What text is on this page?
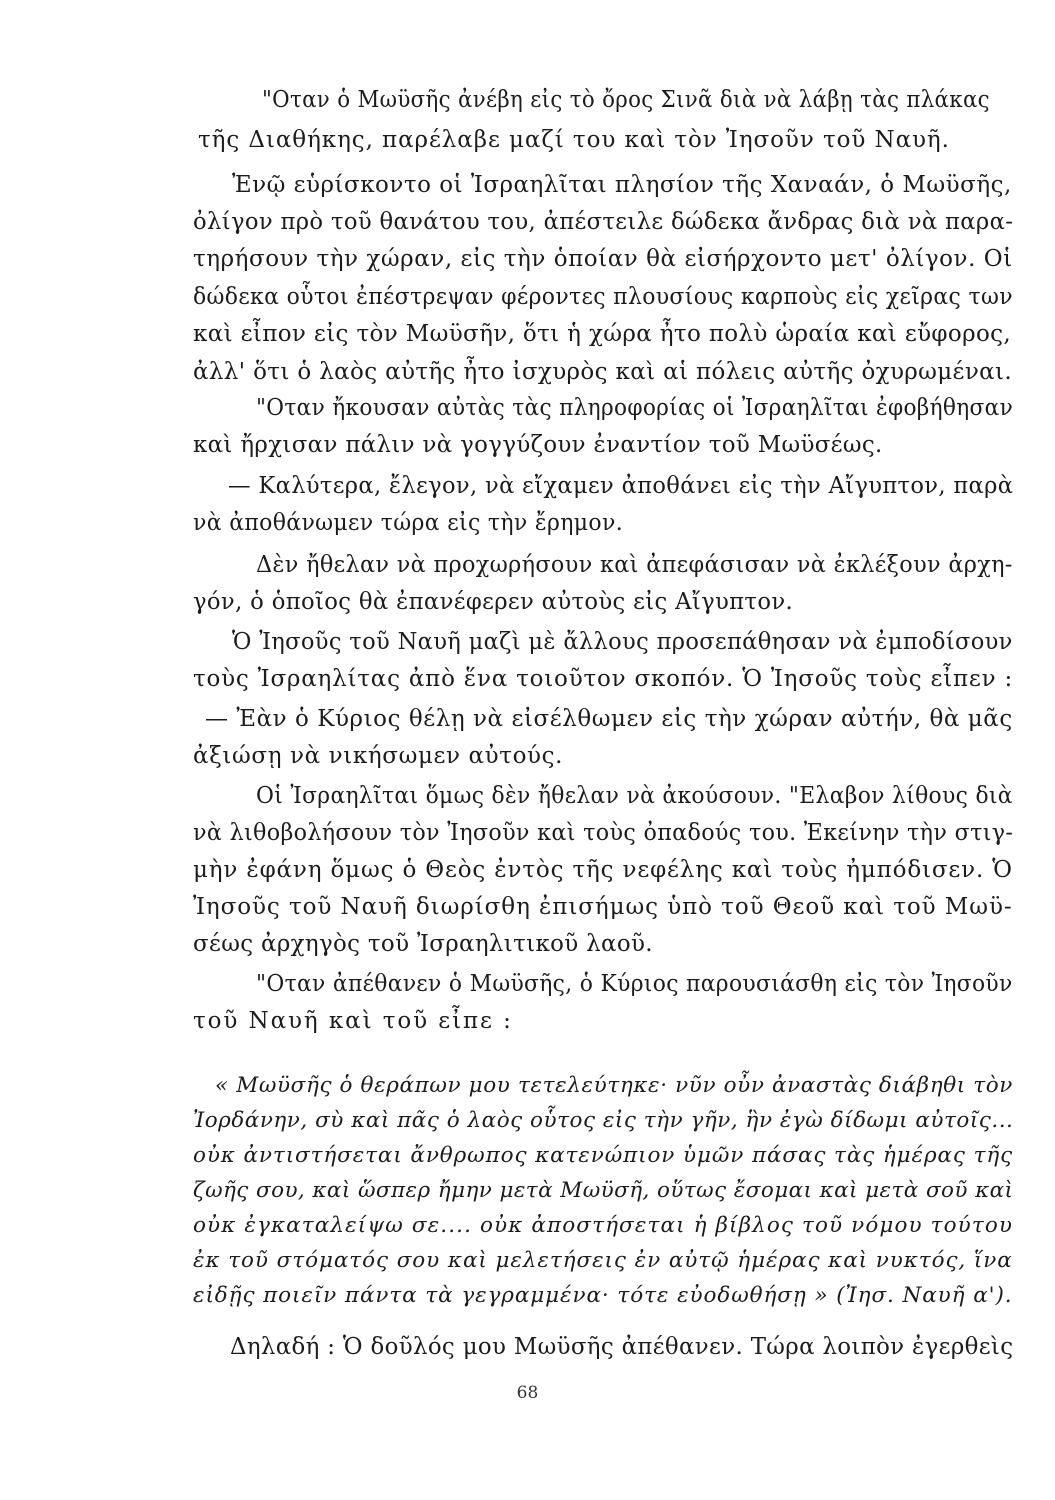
"Οταν ὁ Μωϋσῆς ἀνέβη εἰς τὸ ὄρος Σινᾶ διὰ νὰ λάβῃ τὰς πλάκας
τῆς Διαθήκης, παρέλαβε μαζί του καὶ τὸν Ἰησοῦν τοῦ Ναυῆ.
Ἐνῷ εὑρίσκοντο οἱ Ἰσραηλῖται πλησίον τῆς Χαναάν, ὁ Μωϋσῆς,
ὀλίγον πρὸ τοῦ θανάτου του, ἀπέστειλε δώδεκα ἄνδρας διὰ νὰ παρα-
τηρήσουν τὴν χώραν, εἰς τὴν ὁποίαν θὰ εἰσήρχοντο μετ' ὀλίγον. Οἱ
δώδεκα οὗτοι ἐπέστρεψαν φέροντες πλουσίους καρποὺς εἰς χεῖρας των
καὶ εἶπον εἰς τὸν Μωϋσῆν, ὅτι ἡ χώρα ἦτο πολὺ ὡραία καὶ εὔφορος,
ἀλλ' ὅτι ὁ λαὸς αὐτῆς ἦτο ἰσχυρὸς καὶ αἱ πόλεις αὐτῆς ὀχυρωμέναι.
"Οταν ἤκουσαν αὐτὰς τὰς πληροφορίας οἱ Ἰσραηλῖται ἐφοβήθησαν
καὶ ἤρχισαν πάλιν νὰ γογγύζουν ἐναντίον τοῦ Μωϋσέως.
— Καλύτερα, ἔλεγον, νὰ εἴχαμεν ἀποθάνει εἰς τὴν Αἴγυπτον, παρὰ
νὰ ἀποθάνωμεν τώρα εἰς τὴν ἔρημον.
Δὲν ἤθελαν νὰ προχωρήσουν καὶ ἀπεφάσισαν νὰ ἐκλέξουν ἀρχη-
γόν, ὁ ὁποῖος θὰ ἐπανέφερεν αὐτοὺς εἰς Αἴγυπτον.
Ὁ Ἰησοῦς τοῦ Ναυῆ μαζὶ μὲ ἄλλους προσεπάθησαν νὰ ἐμποδίσουν
τοὺς Ἰσραηλίτας ἀπὸ ἕνα τοιοῦτον σκοπόν. Ὁ Ἰησοῦς τοὺς εἶπεν :
— Ἐὰν ὁ Κύριος θέλῃ νὰ εἰσέλθωμεν εἰς τὴν χώραν αὐτήν, θὰ μᾶς
ἀξιώσῃ νὰ νικήσωμεν αὐτούς.
Οἱ Ἰσραηλῖται ὅμως δὲν ἤθελαν νὰ ἀκούσουν. "Ελαβον λίθους διὰ
νὰ λιθοβολήσουν τὸν Ἰησοῦν καὶ τοὺς ὀπαδούς του. Ἐκείνην τὴν στιγ-
μὴν ἐφάνη ὅμως ὁ Θεὸς ἐντὸς τῆς νεφέλης καὶ τοὺς ἠμπόδισεν. Ὁ
Ἰησοῦς τοῦ Ναυῆ διωρίσθη ἐπισήμως ὑπὸ τοῦ Θεοῦ καὶ τοῦ Μωϋ-
σέως ἀρχηγὸς τοῦ Ἰσραηλιτικοῦ λαοῦ.
"Οταν ἀπέθανεν ὁ Μωϋσῆς, ὁ Κύριος παρουσιάσθη εἰς τὸν Ἰησοῦν
τοῦ Ναυῆ καὶ τοῦ εἶπε :
« Μωϋσῆς ὁ θεράπων μου τετελεύτηκε· νῦν οὖν ἀναστὰς διάβηθι τὸν
Ἰορδάνην, σὺ καὶ πᾶς ὁ λαὸς οὗτος εἰς τὴν γῆν, ἣν ἐγὼ δίδωμι αὐτοῖς...
οὐκ ἀντιστήσεται ἄνθρωπος κατενώπιον ὑμῶν πάσας τὰς ἡμέρας τῆς
ζωῆς σου, καὶ ὥσπερ ἤμην μετὰ Μωϋσῆ, οὕτως ἔσομαι καὶ μετὰ σοῦ καὶ
οὐκ ἐγκαταλείψω σε.... οὐκ ἀποστήσεται ἡ βίβλος τοῦ νόμου τούτου
ἐκ τοῦ στόματός σου καὶ μελετήσεις ἐν αὐτῷ ἡμέρας καὶ νυκτός, ἵνα
εἰδῇς ποιεῖν πάντα τὰ γεγραμμένα· τότε εὐοδωθήσῃ » (Ἰησ. Ναυῆ α').
Δηλαδή : Ὁ δοῦλός μου Μωϋσῆς ἀπέθανεν. Τώρα λοιπὸν ἐγερθεὶς
68
